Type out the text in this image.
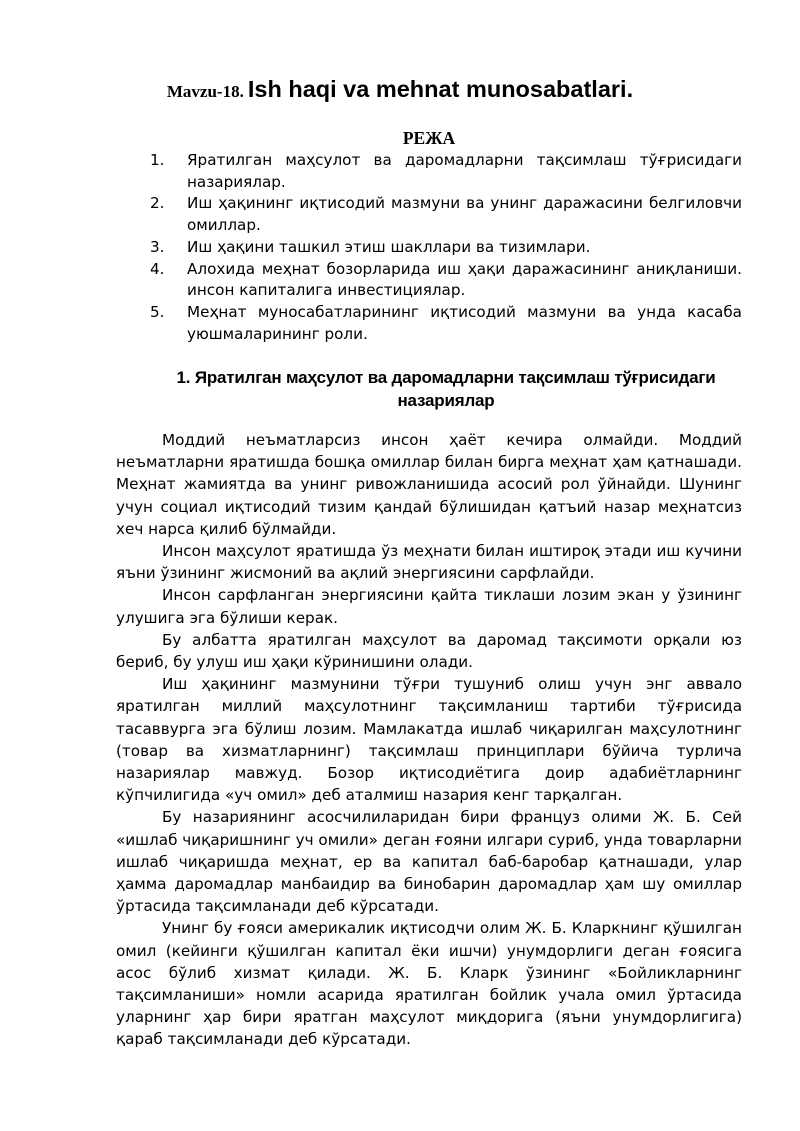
Mavzu-18. Ish haqi va mehnat munosabatlari.
РЕЖА
1. Яратилган маҳсулот ва даромадларни тақсимлаш тўғрисидаги назариялар.
2. Иш ҳақининг иқтисодий мазмуни ва унинг даражасини белгиловчи омиллар.
3. Иш ҳақини ташкил этиш шакллари ва тизимлари.
4. Алохида меҳнат бозорларида иш ҳақи даражасининг аниқланиши. инсон капиталига инвестициялар.
5. Меҳнат муносабатларининг иқтисодий мазмуни ва унда касаба уюшмаларининг роли.
1. Яратилган маҳсулот ва даромадларни тақсимлаш тўғрисидаги назариялар

Моддий неъматларсиз инсон ҳаёт кечира олмайди. Моддий неъматларни яратишда бошқа омиллар билан бирга меҳнат ҳам қатнашади. Меҳнат жамиятда ва унинг ривожланишида асосий рол ўйнайди. Шунинг учун социал иқтисодий тизим қандай бўлишидан қатъий назар меҳнатсиз хеч нарса қилиб бўлмайди.

Инсон маҳсулот яратишда ўз меҳнати билан иштироқ этади иш кучини яъни ўзининг жисмоний ва ақлий энергиясини сарфлайди.

Инсон сарфланган энергиясини қайта тиклаши лозим экан у ўзининг улушига эга бўлиши керак.

Бу албатта яратилган маҳсулот ва даромад тақсимоти орқали юз бериб, бу улуш иш ҳақи кўринишини олади.

Иш ҳақининг мазмунини тўғри тушуниб олиш учун энг аввало яратилган миллий маҳсулотнинг тақсимланиш тартиби тўғрисида тасаввурга эга бўлиш лозим. Мамлакатда ишлаб чиқарилган маҳсулотнинг (товар ва хизматларнинг) тақсимлаш принциплари бўйича турлича назариялар мавжуд. Бозор иқтисодиётига доир адабиётларнинг кўпчилигида «уч омил» деб аталмиш назария кенг тарқалган.

Бу назариянинг асосчилиларидан бири француз олими Ж. Б. Сей «ишлаб чиқаришнинг уч омили» деган ғояни илгари суриб, унда товарларни ишлаб чиқаришда меҳнат, ер ва капитал баб-баробар қатнашади, улар ҳамма даромадлар манбаидир ва бинобарин даромадлар ҳам шу омиллар ўртасида тақсимланади деб кўрсатади.

Унинг бу ғояси америкалик иқтисодчи олим Ж. Б. Кларкнинг қўшилган омил (кейинги қўшилган капитал ёки ишчи) унумдорлиги деган ғоясига асос бўлиб хизмат қилади. Ж. Б. Кларк ўзининг «Бойликларнинг тақсимланиши» номли асарида яратилган бойлик учала омил ўртасида уларнинг ҳар бири яратган маҳсулот миқдорига (яъни унумдорлигига) қараб тақсимланади деб кўрсатади.
